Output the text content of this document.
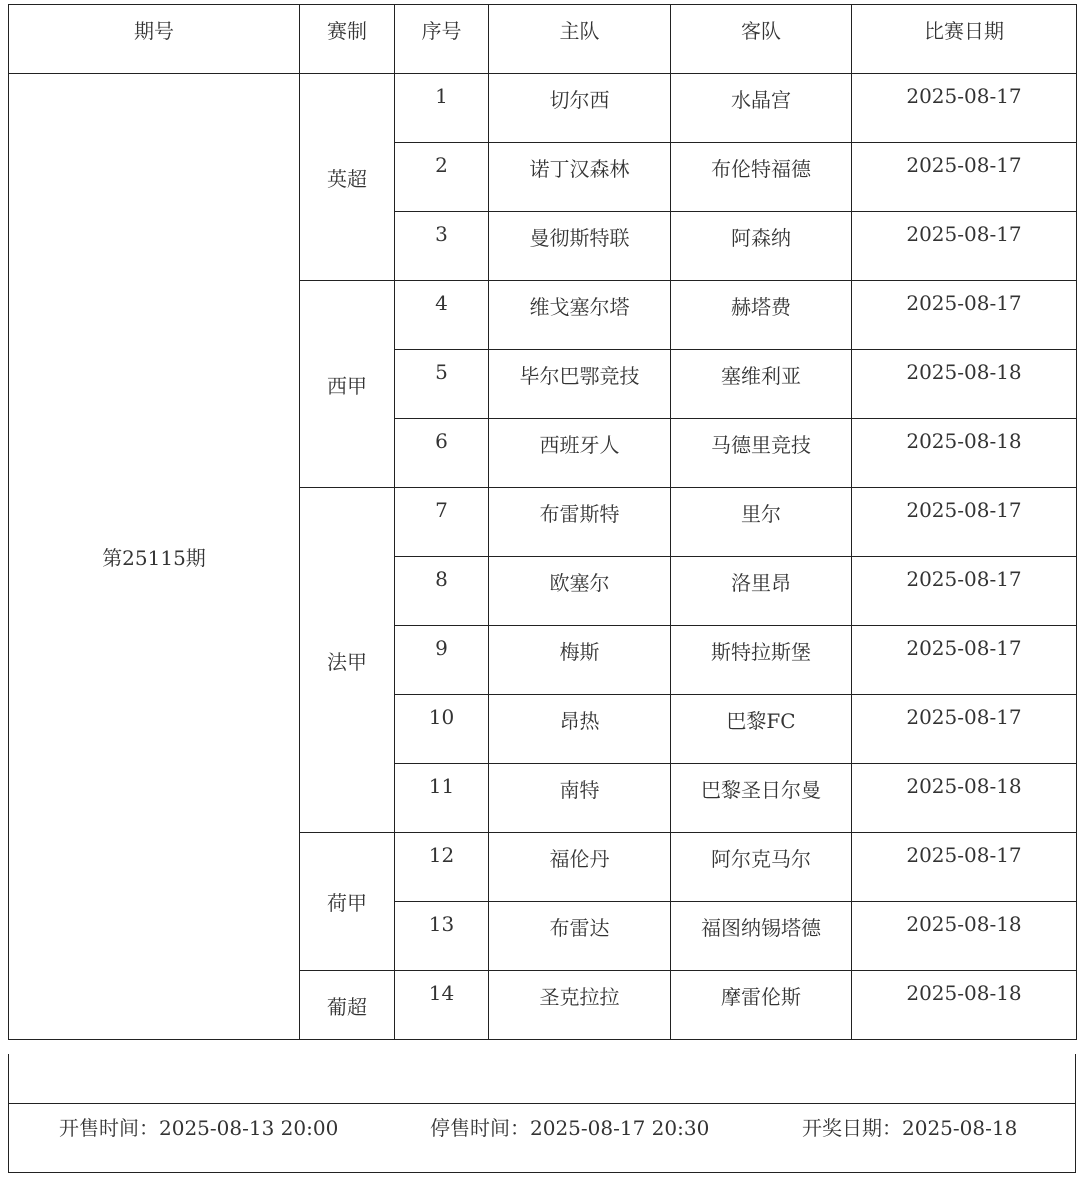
期号	赛制	序号	主队	客队	比赛日期
第25115期	英超	1	切尔西	水晶宫	2025-08-17
		2	诺丁汉森林	布伦特福德	2025-08-17
		3	曼彻斯特联	阿森纳	2025-08-17
	西甲	4	维戈塞尔塔	赫塔费	2025-08-17
		5	毕尔巴鄂竞技	塞维利亚	2025-08-18
		6	西班牙人	马德里竞技	2025-08-18
	法甲	7	布雷斯特	里尔	2025-08-17
		8	欧塞尔	洛里昂	2025-08-17
		9	梅斯	斯特拉斯堡	2025-08-17
		10	昂热	巴黎FC	2025-08-17
		11	南特	巴黎圣日尔曼	2025-08-18
	荷甲	12	福伦丹	阿尔克马尔	2025-08-17
		13	布雷达	福图纳锡塔德	2025-08-18
	葡超	14	圣克拉拉	摩雷伦斯	2025-08-18
开售时间：2025-08-13 20:00	停售时间：2025-08-17 20:30	开奖日期：2025-08-18
